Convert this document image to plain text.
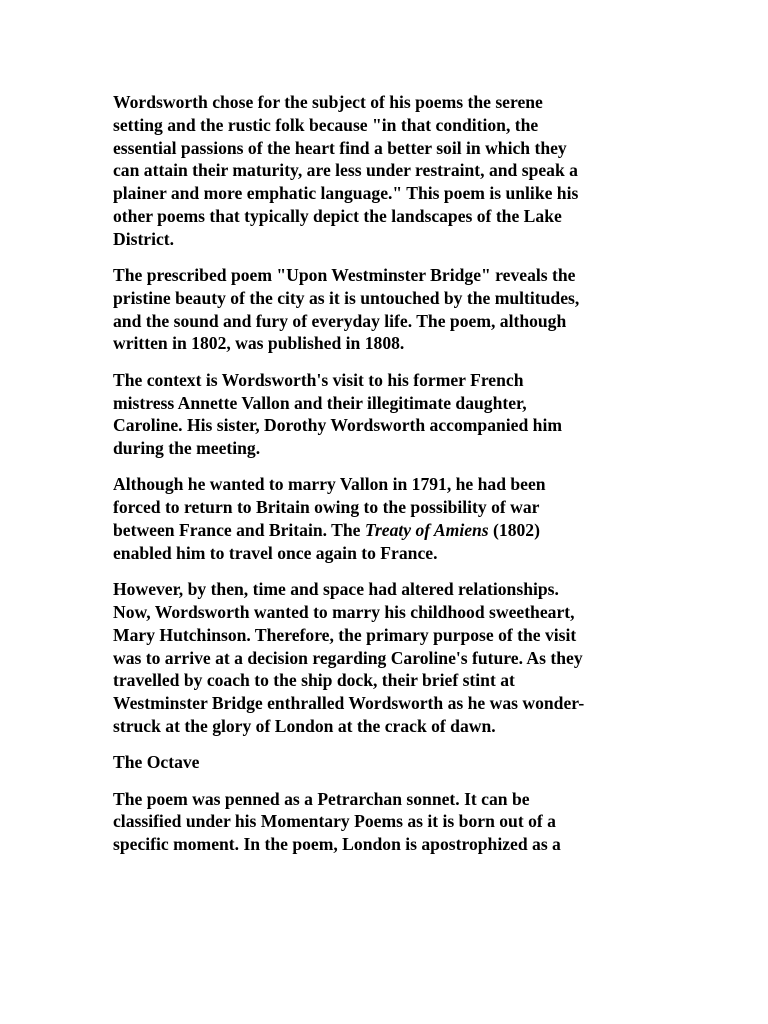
Wordsworth chose for the subject of his poems the serene
setting and the rustic folk because "in that condition, the
essential passions of the heart find a better soil in which they
can attain their maturity, are less under restraint, and speak a
plainer and more emphatic language." This poem is unlike his
other poems that typically depict the landscapes of the Lake
District.

The prescribed poem "Upon Westminster Bridge" reveals the
pristine beauty of the city as it is untouched by the multitudes,
and the sound and fury of everyday life. The poem, although
written in 1802, was published in 1808.

The context is Wordsworth's visit to his former French
mistress Annette Vallon and their illegitimate daughter,
Caroline. His sister, Dorothy Wordsworth accompanied him
during the meeting.

Although he wanted to marry Vallon in 1791, he had been
forced to return to Britain owing to the possibility of war
between France and Britain. The Treaty of Amiens (1802)
enabled him to travel once again to France.

However, by then, time and space had altered relationships.
Now, Wordsworth wanted to marry his childhood sweetheart,
Mary Hutchinson. Therefore, the primary purpose of the visit
was to arrive at a decision regarding Caroline's future. As they
travelled by coach to the ship dock, their brief stint at
Westminster Bridge enthralled Wordsworth as he was wonder-
struck at the glory of London at the crack of dawn.

The Octave

The poem was penned as a Petrarchan sonnet. It can be
classified under his Momentary Poems as it is born out of a
specific moment. In the poem, London is apostrophized as a
